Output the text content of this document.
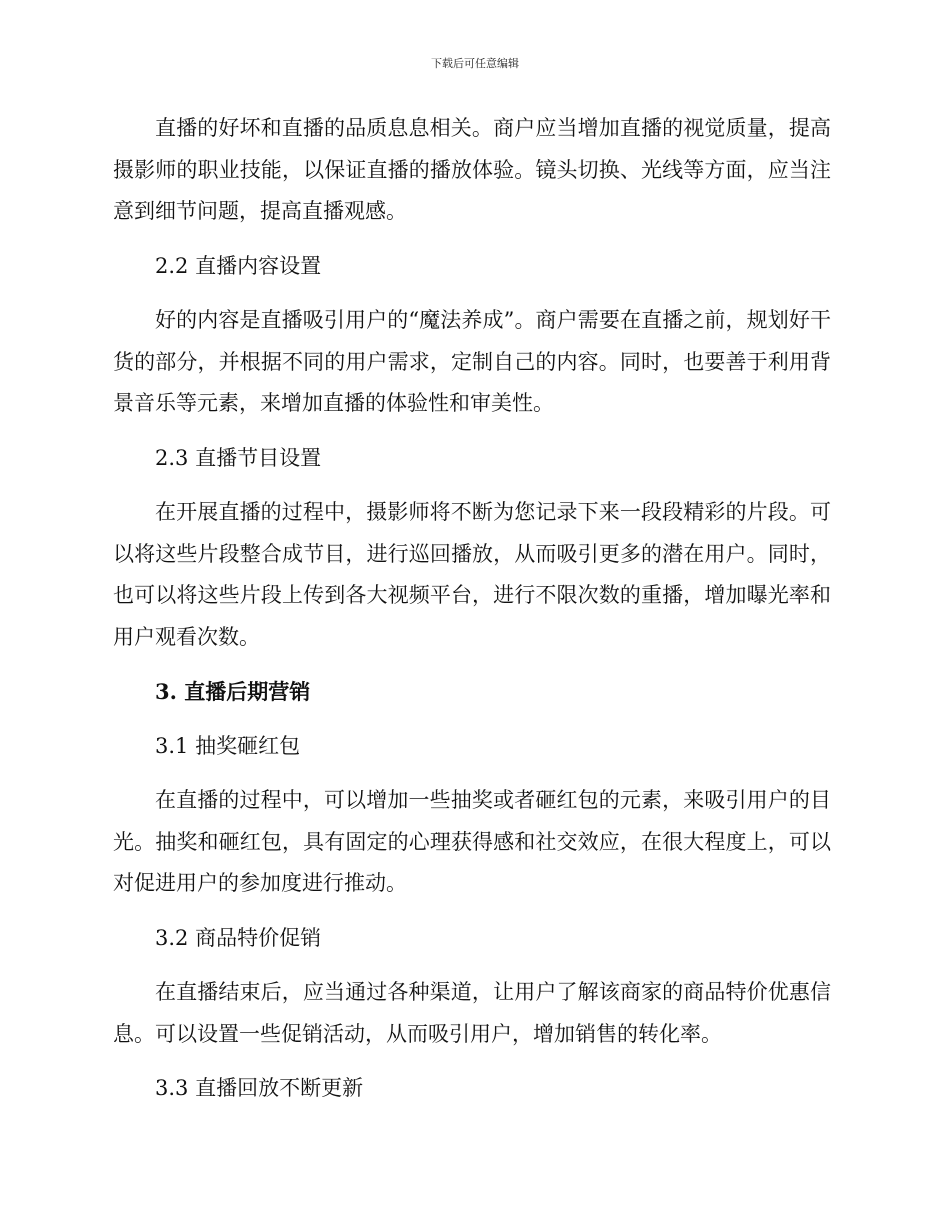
下载后可任意编辑

直播的好坏和直播的品质息息相关。商户应当增加直播的视觉质量，提高摄影师的职业技能，以保证直播的播放体验。镜头切换、光线等方面，应当注意到细节问题，提高直播观感。

2.2 直播内容设置

好的内容是直播吸引用户的“魔法养成”。商户需要在直播之前，规划好干货的部分，并根据不同的用户需求，定制自己的内容。同时，也要善于利用背景音乐等元素，来增加直播的体验性和审美性。

2.3 直播节目设置

在开展直播的过程中，摄影师将不断为您记录下来一段段精彩的片段。可以将这些片段整合成节目，进行巡回播放，从而吸引更多的潜在用户。同时，也可以将这些片段上传到各大视频平台，进行不限次数的重播，增加曝光率和用户观看次数。

3. 直播后期营销

3.1 抽奖砸红包

在直播的过程中，可以增加一些抽奖或者砸红包的元素，来吸引用户的目光。抽奖和砸红包，具有固定的心理获得感和社交效应，在很大程度上，可以对促进用户的参加度进行推动。

3.2 商品特价促销

在直播结束后，应当通过各种渠道，让用户了解该商家的商品特价优惠信息。可以设置一些促销活动，从而吸引用户，增加销售的转化率。

3.3 直播回放不断更新
